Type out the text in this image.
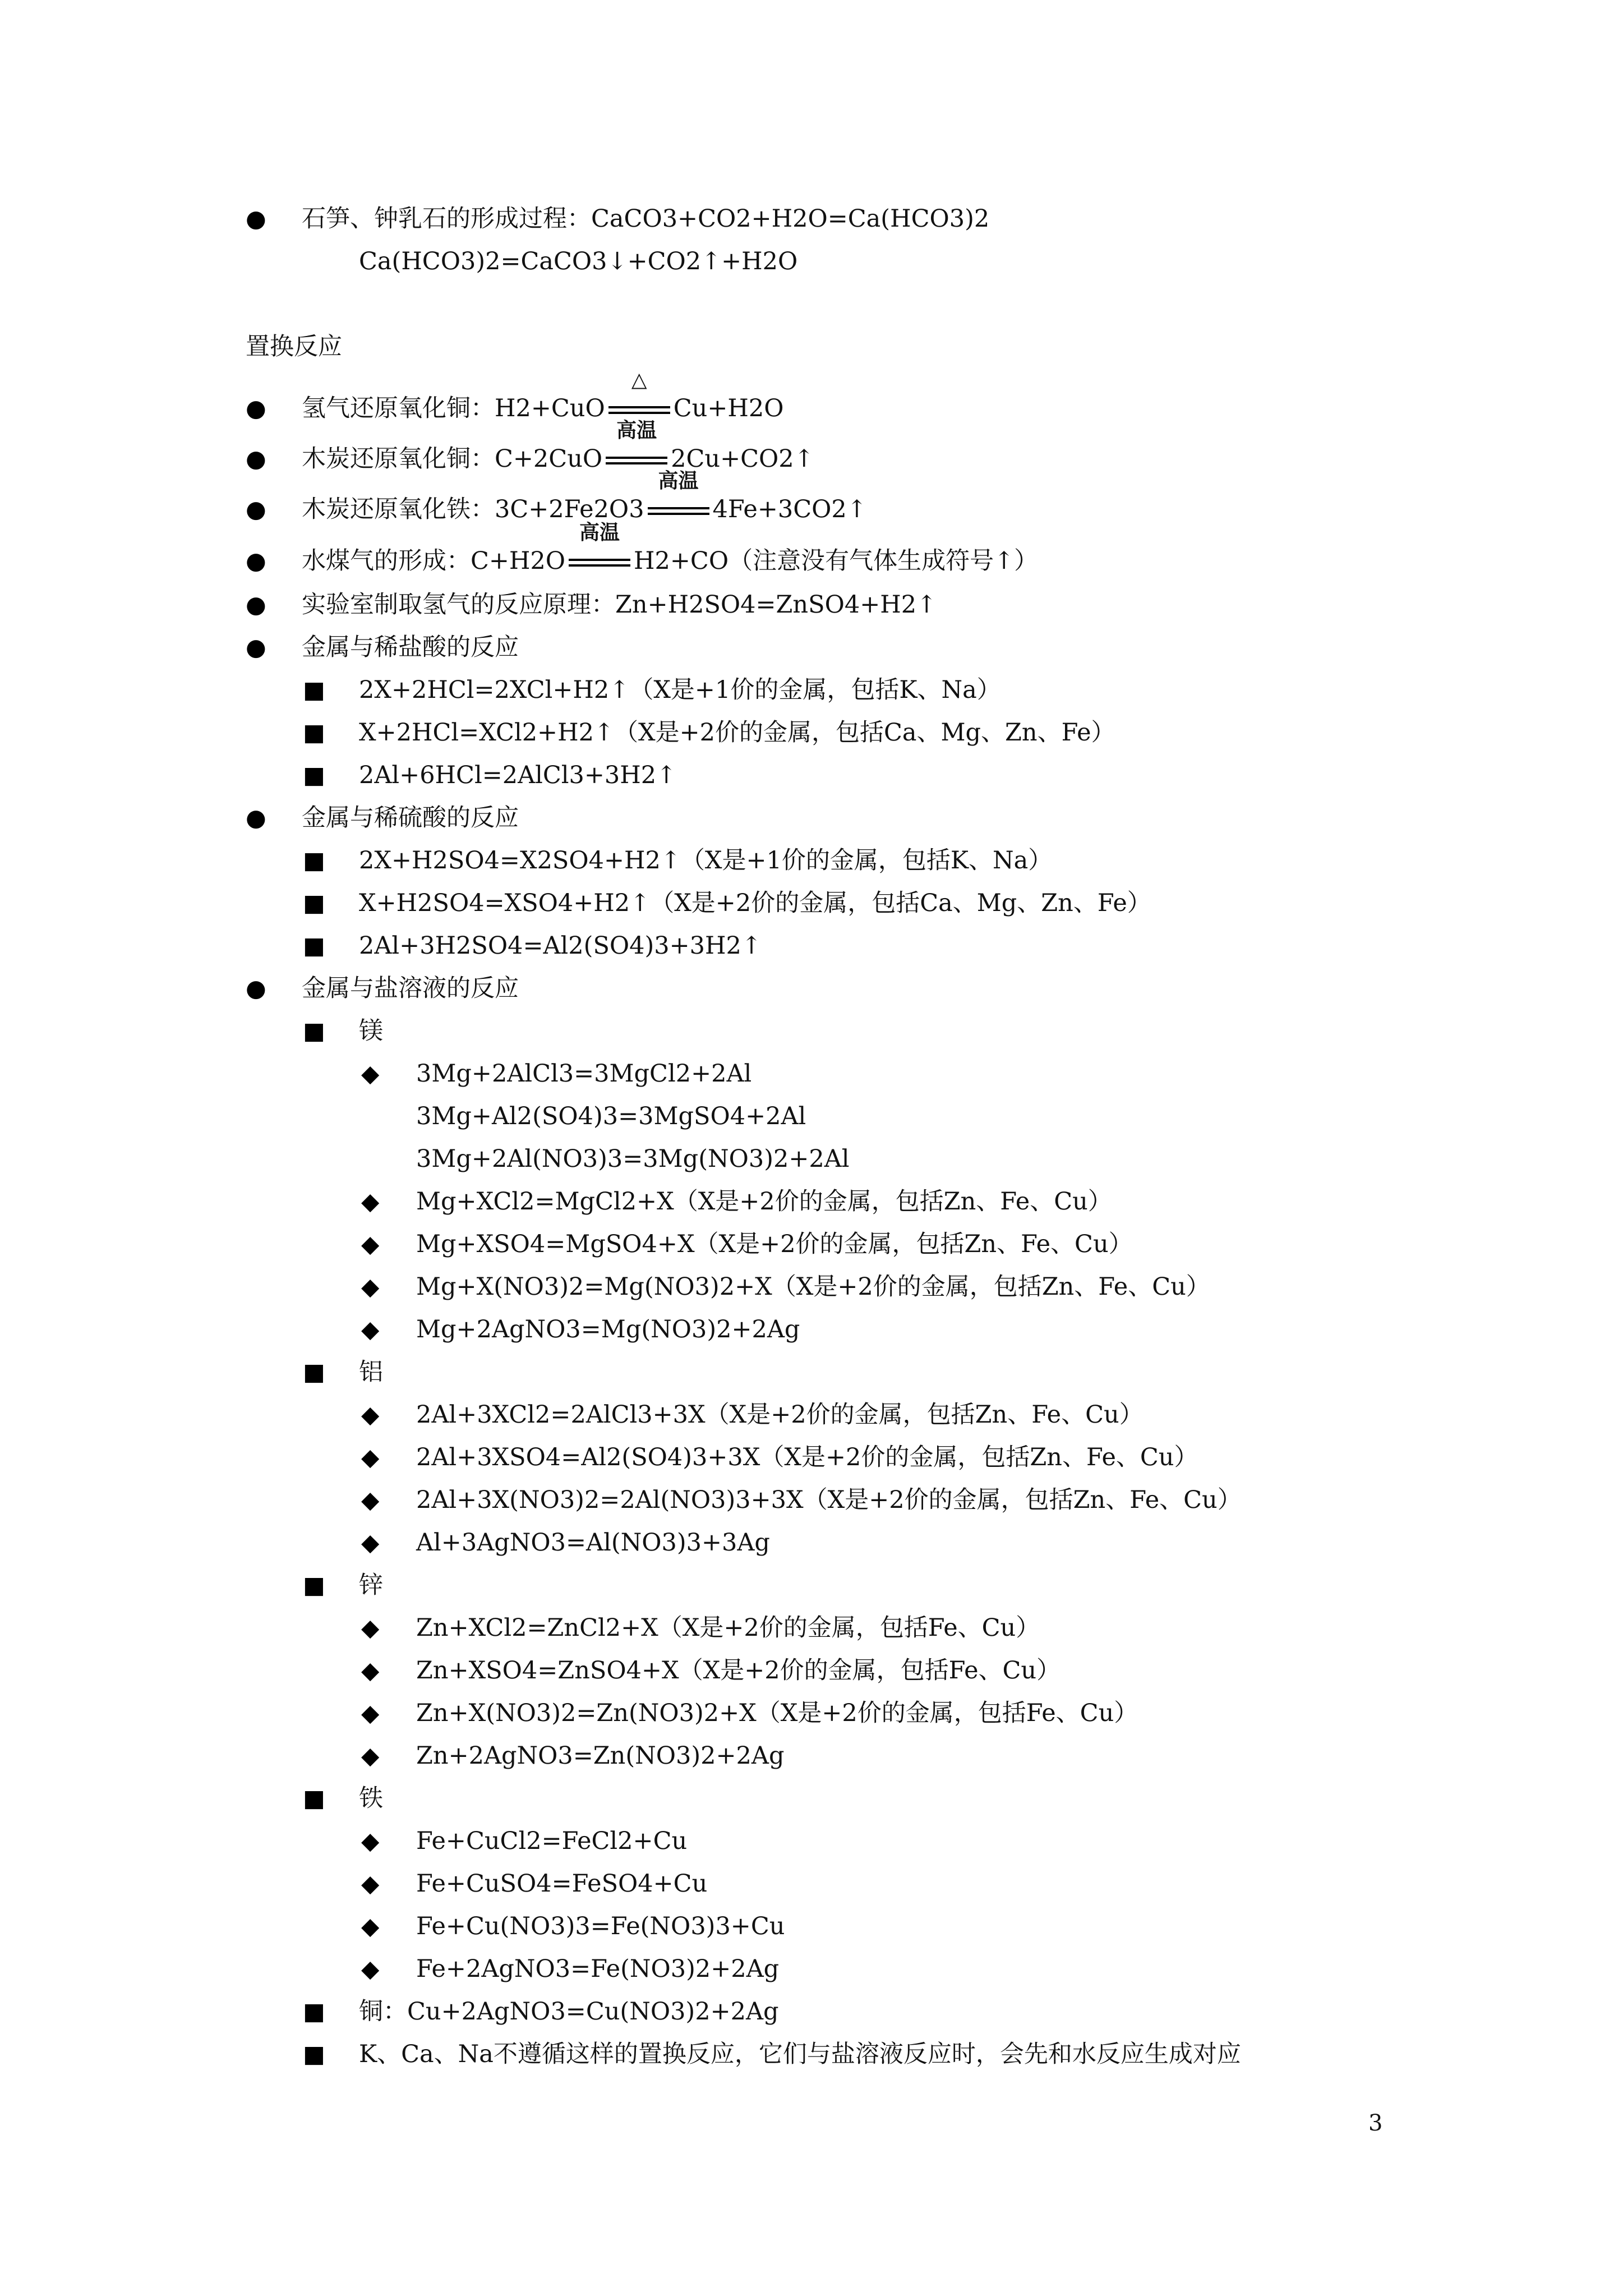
● 石笋、钟乳石的形成过程：CaCO3+CO2+H2O=Ca(HCO3)2
Ca(HCO3)2=CaCO3↓+CO2↑+H2O
置换反应
● 氢气还原氧化铜：H2+CuO
△
Cu+H2O
● 木炭还原氧化铜：C+2CuO
高温
2Cu+CO2↑
● 木炭还原氧化铁：3C+2Fe2O3
高温
4Fe+3CO2↑
● 水煤气的形成：C+H2O
高温
H2+CO（注意没有气体生成符号↑）
● 实验室制取氢气的反应原理：Zn+H2SO4=ZnSO4+H2↑
● 金属与稀盐酸的反应
■ 2X+2HCl=2XCl+H2↑（X是+1价的金属，包括K、Na）
■ X+2HCl=XCl2+H2↑（X是+2价的金属，包括Ca、Mg、Zn、Fe）
■ 2Al+6HCl=2AlCl3+3H2↑
● 金属与稀硫酸的反应
■ 2X+H2SO4=X2SO4+H2↑（X是+1价的金属，包括K、Na）
■ X+H2SO4=XSO4+H2↑（X是+2价的金属，包括Ca、Mg、Zn、Fe）
■ 2Al+3H2SO4=Al2(SO4)3+3H2↑
● 金属与盐溶液的反应
■ 镁
◆ 3Mg+2AlCl3=3MgCl2+2Al
3Mg+Al2(SO4)3=3MgSO4+2Al
3Mg+2Al(NO3)3=3Mg(NO3)2+2Al
◆ Mg+XCl2=MgCl2+X（X是+2价的金属，包括Zn、Fe、Cu）
◆ Mg+XSO4=MgSO4+X（X是+2价的金属，包括Zn、Fe、Cu）
◆ Mg+X(NO3)2=Mg(NO3)2+X（X是+2价的金属，包括Zn、Fe、Cu）
◆ Mg+2AgNO3=Mg(NO3)2+2Ag
■ 铝
◆ 2Al+3XCl2=2AlCl3+3X（X是+2价的金属，包括Zn、Fe、Cu）
◆ 2Al+3XSO4=Al2(SO4)3+3X（X是+2价的金属，包括Zn、Fe、Cu）
◆ 2Al+3X(NO3)2=2Al(NO3)3+3X（X是+2价的金属，包括Zn、Fe、Cu）
◆ Al+3AgNO3=Al(NO3)3+3Ag
■ 锌
◆ Zn+XCl2=ZnCl2+X（X是+2价的金属，包括Fe、Cu）
◆ Zn+XSO4=ZnSO4+X（X是+2价的金属，包括Fe、Cu）
◆ Zn+X(NO3)2=Zn(NO3)2+X（X是+2价的金属，包括Fe、Cu）
◆ Zn+2AgNO3=Zn(NO3)2+2Ag
■ 铁
◆ Fe+CuCl2=FeCl2+Cu
◆ Fe+CuSO4=FeSO4+Cu
◆ Fe+Cu(NO3)3=Fe(NO3)3+Cu
◆ Fe+2AgNO3=Fe(NO3)2+2Ag
■ 铜：Cu+2AgNO3=Cu(NO3)2+2Ag
■ K、Ca、Na不遵循这样的置换反应，它们与盐溶液反应时，会先和水反应生成对应
3
